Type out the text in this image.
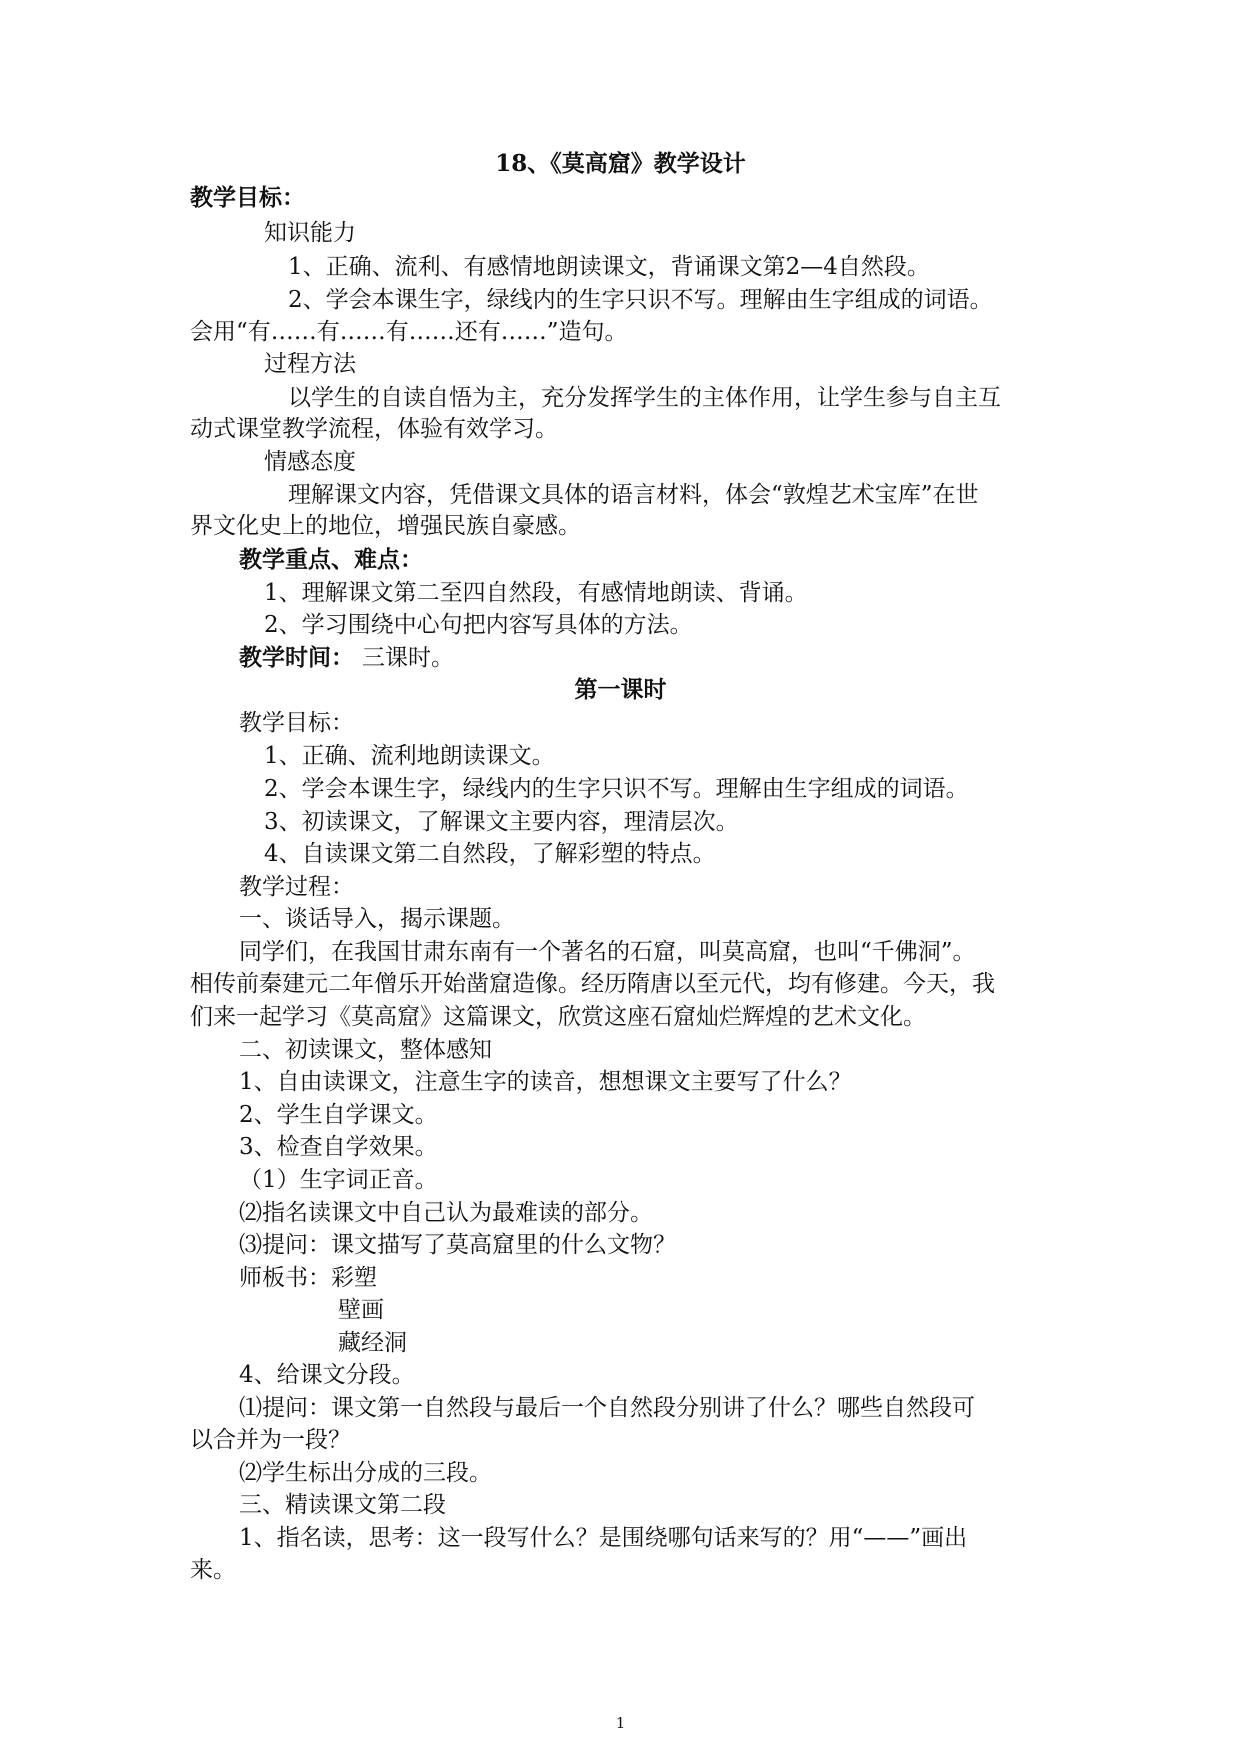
18、《莫高窟》教学设计
教学目标：
知识能力
1、正确、流利、有感情地朗读课文，背诵课文第2—4自然段。
2、学会本课生字，绿线内的生字只识不写。理解由生字组成的词语。
会用“有……有……有……还有……”造句。
过程方法
以学生的自读自悟为主，充分发挥学生的主体作用，让学生参与自主互
动式课堂教学流程，体验有效学习。
情感态度
理解课文内容，凭借课文具体的语言材料，体会“敦煌艺术宝库”在世
界文化史上的地位，增强民族自豪感。
教学重点、难点：
1、理解课文第二至四自然段，有感情地朗读、背诵。
2、学习围绕中心句把内容写具体的方法。
教学时间：
教学目标：
1、正确、流利地朗读课文。
2、学会本课生字，绿线内的生字只识不写。理解由生字组成的词语。
3、初读课文，了解课文主要内容，理清层次。
4、自读课文第二自然段，了解彩塑的特点。
教学过程：
一、谈话导入，揭示课题。
同学们，在我国甘肃东南有一个著名的石窟，叫莫高窟，也叫“千佛洞”。
相传前秦建元二年僧乐开始凿窟造像。经历隋唐以至元代，均有修建。今天，我
们来一起学习《莫高窟》这篇课文，欣赏这座石窟灿烂辉煌的艺术文化。
二、初读课文，整体感知
1、自由读课文，注意生字的读音，想想课文主要写了什么？
2、学生自学课文。
3、检查自学效果。
（1）生字词正音。
⑵指名读课文中自己认为最难读的部分。
⑶提问：课文描写了莫高窟里的什么文物？
师板书：彩塑
壁画
藏经洞
4、给课文分段。
⑴提问：课文第一自然段与最后一个自然段分别讲了什么？哪些自然段可
以合并为一段？
⑵学生标出分成的三段。
三、精读课文第二段
1、指名读，思考：这一段写什么？是围绕哪句话来写的？用“——”画出
来。
三课时。
第一课时
1
